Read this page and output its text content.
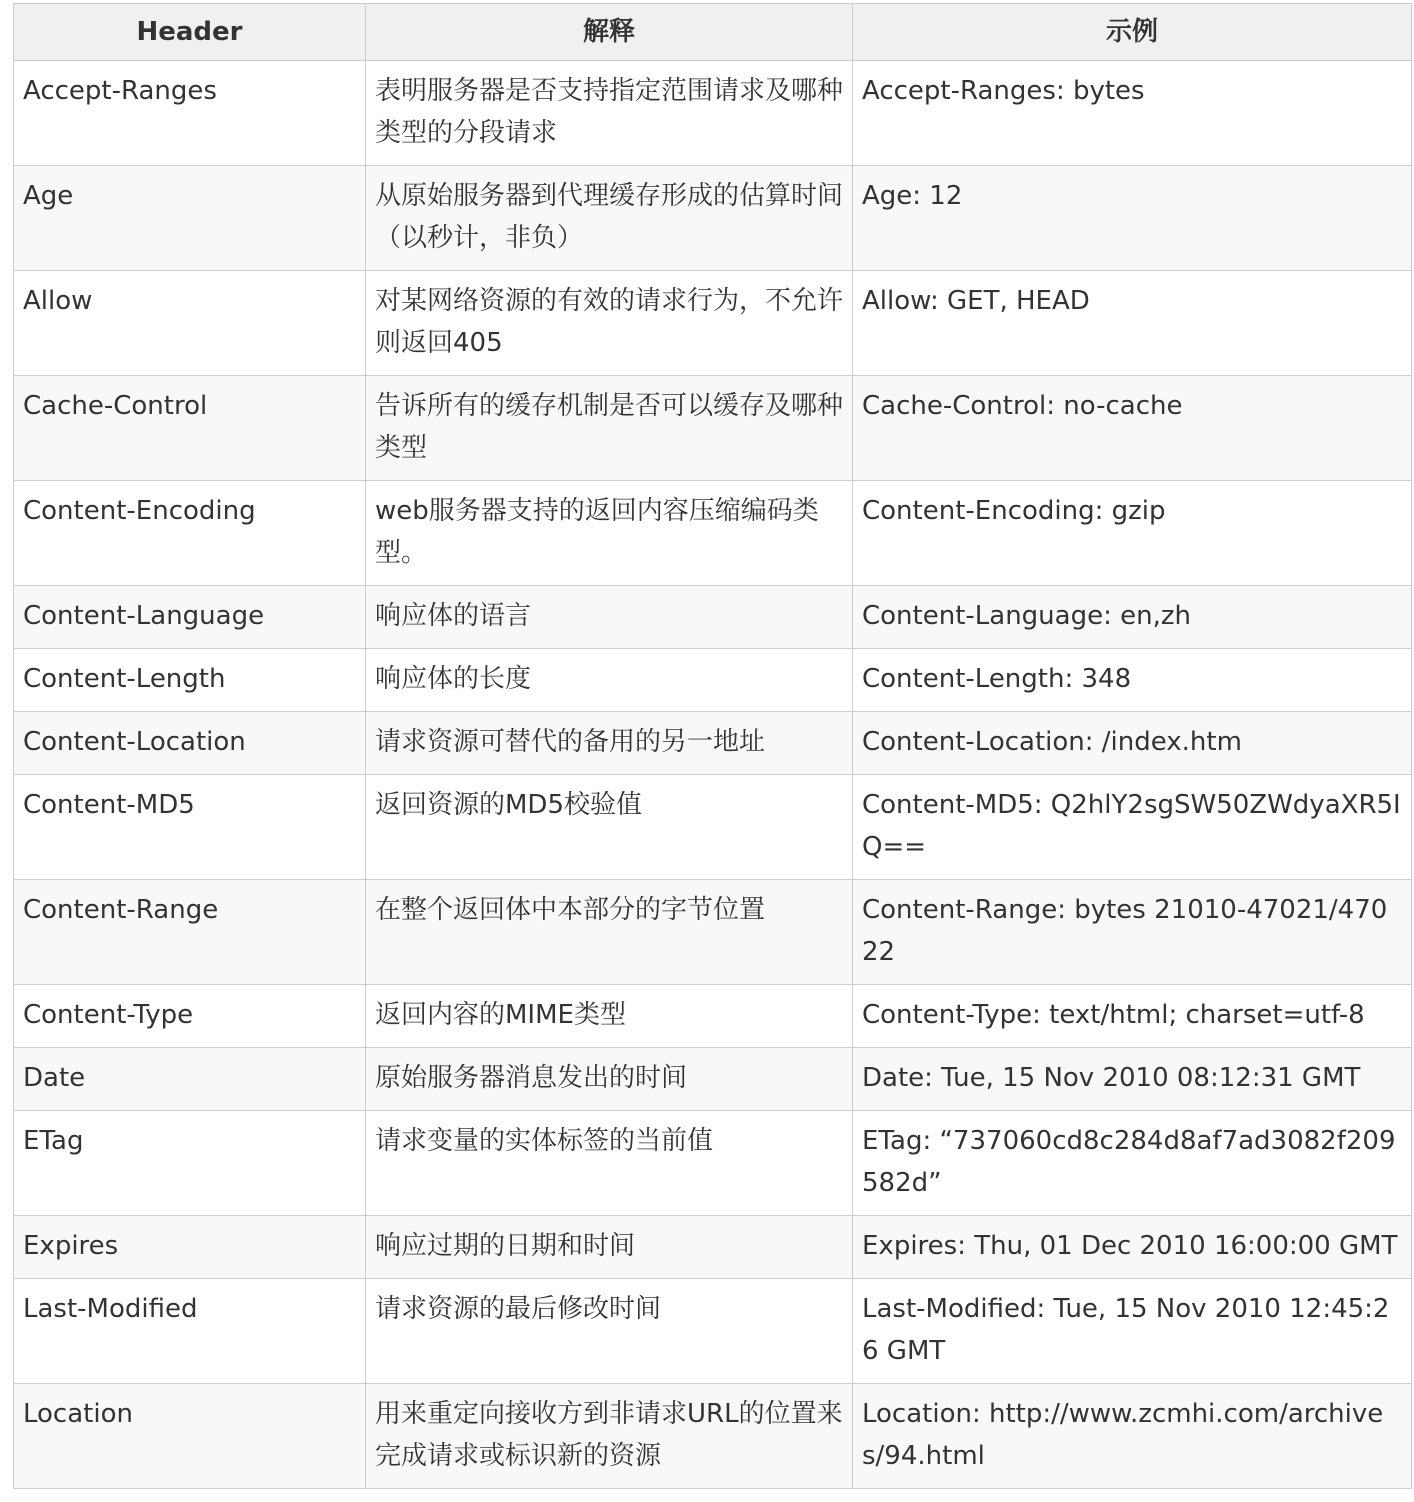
Header	解释	示例

Accept-Ranges	表明服务器是否支持指定范围请求及哪种类型的分段请求	Accept-Ranges: bytes

Age	从原始服务器到代理缓存形成的估算时间（以秒计，非负）	Age: 12

Allow	对某网络资源的有效的请求行为，不允许则返回405	Allow: GET, HEAD

Cache-Control	告诉所有的缓存机制是否可以缓存及哪种类型	Cache-Control: no-cache

Content-Encoding	web服务器支持的返回内容压缩编码类型。	Content-Encoding: gzip

Content-Language	响应体的语言	Content-Language: en,zh

Content-Length	响应体的长度	Content-Length: 348

Content-Location	请求资源可替代的备用的另一地址	Content-Location: /index.htm

Content-MD5	返回资源的MD5校验值	Content-MD5: Q2hlY2sgSW50ZWdyaXR5IQ==

Content-Range	在整个返回体中本部分的字节位置	Content-Range: bytes 21010-47021/47022

Content-Type	返回内容的MIME类型	Content-Type: text/html; charset=utf-8

Date	原始服务器消息发出的时间	Date: Tue, 15 Nov 2010 08:12:31 GMT

ETag	请求变量的实体标签的当前值	ETag: “737060cd8c284d8af7ad3082f209582d”

Expires	响应过期的日期和时间	Expires: Thu, 01 Dec 2010 16:00:00 GMT

Last-Modified	请求资源的最后修改时间	Last-Modified: Tue, 15 Nov 2010 12:45:26 GMT

Location	用来重定向接收方到非请求URL的位置来完成请求或标识新的资源	Location: http://www.zcmhi.com/archives/94.html
